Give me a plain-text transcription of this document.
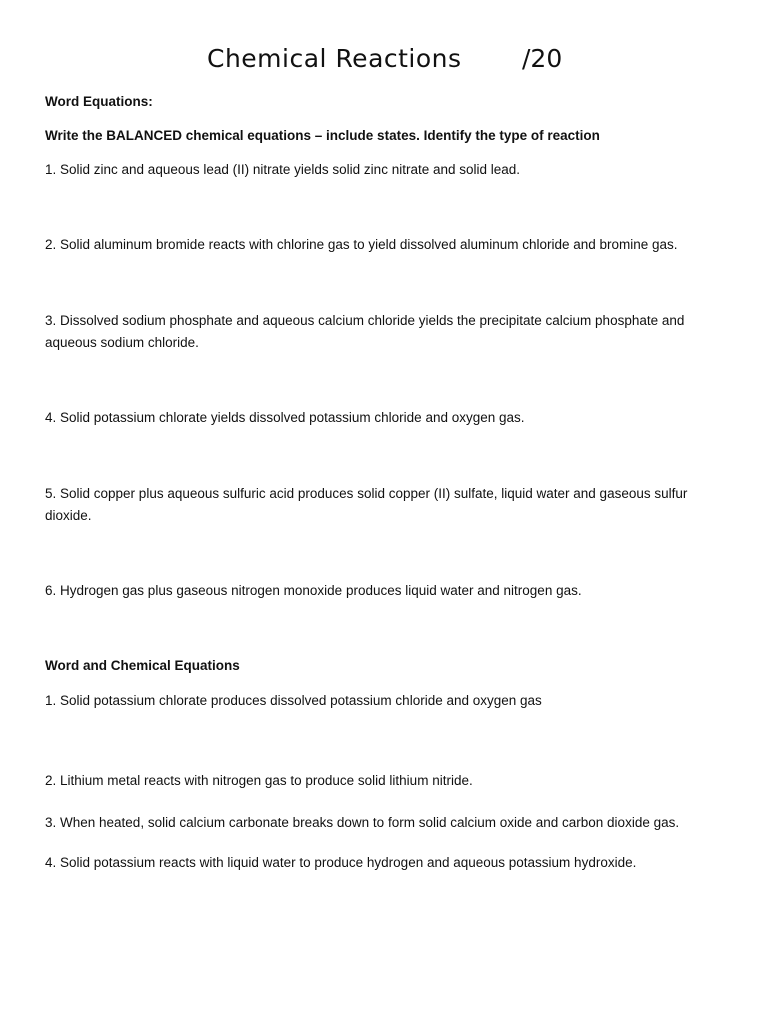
Chemical Reactions /20
Word Equations:
Write the BALANCED chemical equations – include states. Identify the type of reaction
1. Solid zinc and aqueous lead (II) nitrate yields solid zinc nitrate and solid lead.
2. Solid aluminum bromide reacts with chlorine gas to yield dissolved aluminum chloride and bromine gas.
3. Dissolved sodium phosphate and aqueous calcium chloride yields the precipitate calcium phosphate and aqueous sodium chloride.
4. Solid potassium chlorate yields dissolved potassium chloride and oxygen gas.
5. Solid copper plus aqueous sulfuric acid produces solid copper (II) sulfate, liquid water and gaseous sulfur dioxide.
6. Hydrogen gas plus gaseous nitrogen monoxide produces liquid water and nitrogen gas.
Word and Chemical Equations
1. Solid potassium chlorate produces dissolved potassium chloride and oxygen gas
2. Lithium metal reacts with nitrogen gas to produce solid lithium nitride.
3. When heated, solid calcium carbonate breaks down to form solid calcium oxide and carbon dioxide gas.
4. Solid potassium reacts with liquid water to produce hydrogen and aqueous potassium hydroxide.
